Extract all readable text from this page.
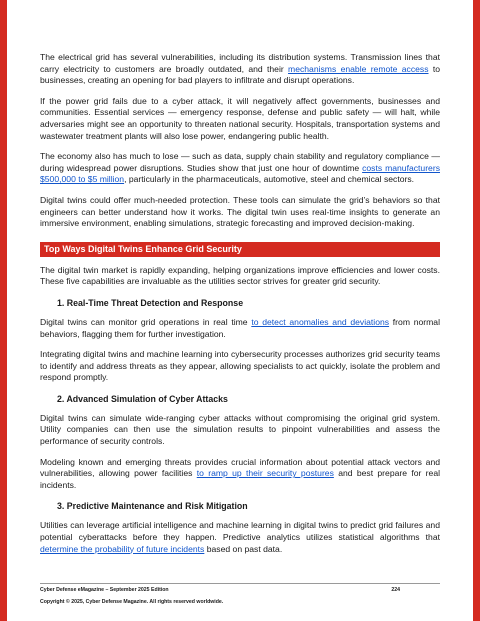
The electrical grid has several vulnerabilities, including its distribution systems. Transmission lines that carry electricity to customers are broadly outdated, and their mechanisms enable remote access to businesses, creating an opening for bad players to infiltrate and disrupt operations.

If the power grid fails due to a cyber attack, it will negatively affect governments, businesses and communities. Essential services — emergency response, defense and public safety — will halt, while adversaries might see an opportunity to threaten national security. Hospitals, transportation systems and wastewater treatment plants will also lose power, endangering public health.

The economy also has much to lose — such as data, supply chain stability and regulatory compliance — during widespread power disruptions. Studies show that just one hour of downtime costs manufacturers $500,000 to $5 million, particularly in the pharmaceuticals, automotive, steel and chemical sectors.

Digital twins could offer much-needed protection. These tools can simulate the grid’s behaviors so that engineers can better understand how it works. The digital twin uses real-time insights to generate an immersive environment, enabling simulations, strategic forecasting and improved decision-making.

Top Ways Digital Twins Enhance Grid Security

The digital twin market is rapidly expanding, helping organizations improve efficiencies and lower costs. These five capabilities are invaluable as the utilities sector strives for greater grid security.

1. Real-Time Threat Detection and Response

Digital twins can monitor grid operations in real time to detect anomalies and deviations from normal behaviors, flagging them for further investigation.

Integrating digital twins and machine learning into cybersecurity processes authorizes grid security teams to identify and address threats as they appear, allowing specialists to act quickly, isolate the problem and respond promptly.

2. Advanced Simulation of Cyber Attacks

Digital twins can simulate wide-ranging cyber attacks without compromising the original grid system. Utility companies can then use the simulation results to pinpoint vulnerabilities and assess the performance of security controls.

Modeling known and emerging threats provides crucial information about potential attack vectors and vulnerabilities, allowing power facilities to ramp up their security postures and best prepare for real incidents.

3. Predictive Maintenance and Risk Mitigation

Utilities can leverage artificial intelligence and machine learning in digital twins to predict grid failures and potential cyberattacks before they happen. Predictive analytics utilizes statistical algorithms that determine the probability of future incidents based on past data.

Cyber Defense eMagazine – September 2025 Edition	224
Copyright © 2025, Cyber Defense Magazine. All rights reserved worldwide.
